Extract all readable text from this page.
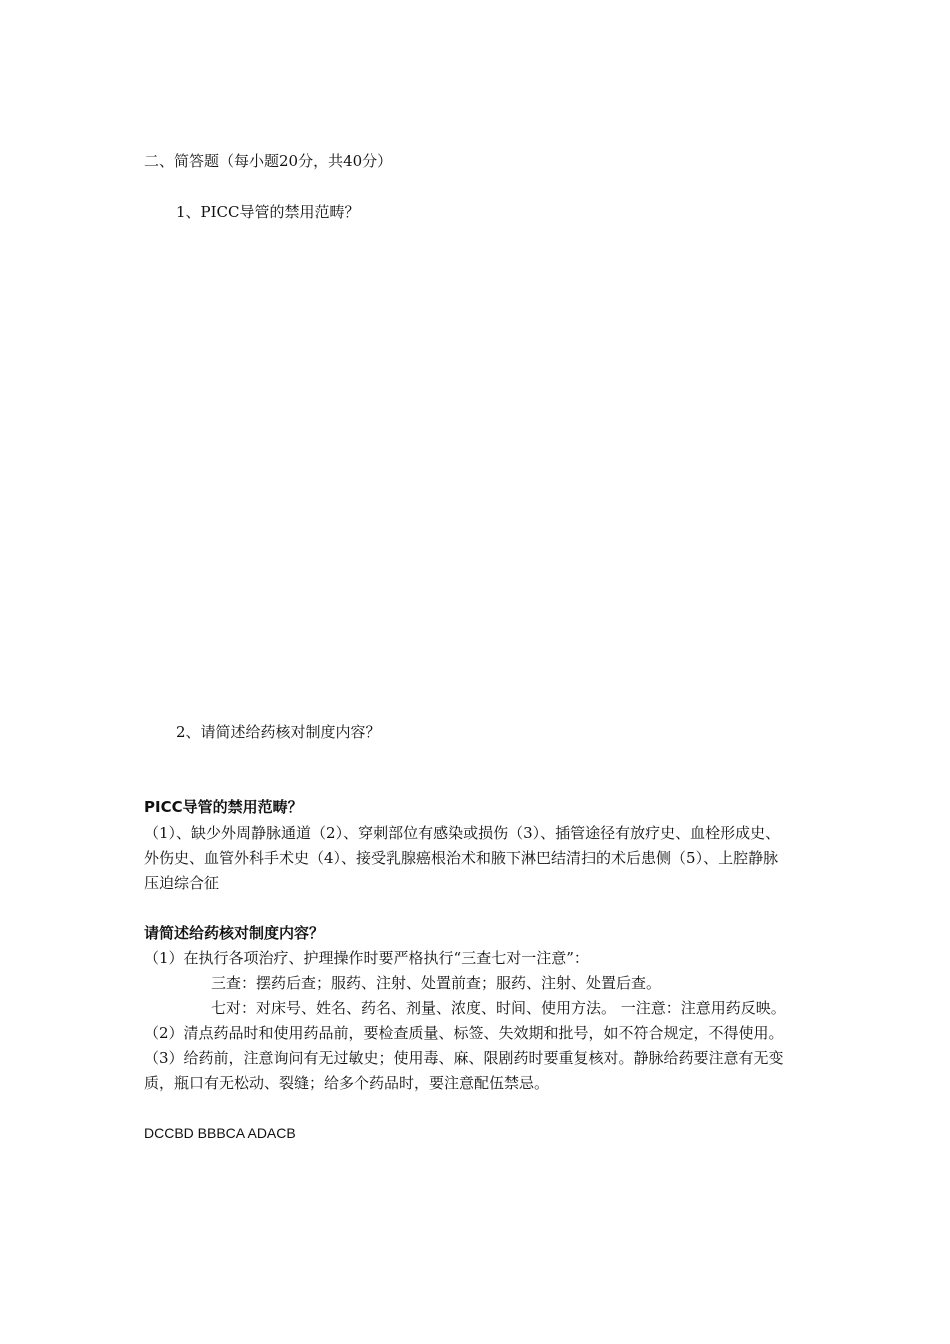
二、简答题（每小题20分，共40分）
1、PICC导管的禁用范畴？
2、请简述给药核对制度内容？
PICC导管的禁用范畴？
（1）、缺少外周静脉通道（2）、穿刺部位有感染或损伤（3）、插管途径有放疗史、血栓形成史、
外伤史、血管外科手术史（4）、接受乳腺癌根治术和腋下淋巴结清扫的术后患侧（5）、上腔静脉
压迫综合征
请简述给药核对制度内容？
（1）在执行各项治疗、护理操作时要严格执行“三查七对一注意”：
三查：摆药后查；服药、注射、处置前查；服药、注射、处置后查。
七对：对床号、姓名、药名、剂量、浓度、时间、使用方法。 一注意：注意用药反映。
（2）清点药品时和使用药品前，要检查质量、标签、失效期和批号，如不符合规定，不得使用。
（3）给药前，注意询问有无过敏史；使用毒、麻、限剧药时要重复核对。静脉给药要注意有无变
质，瓶口有无松动、裂缝；给多个药品时，要注意配伍禁忌。
DCCBD BBBCA ADACB
